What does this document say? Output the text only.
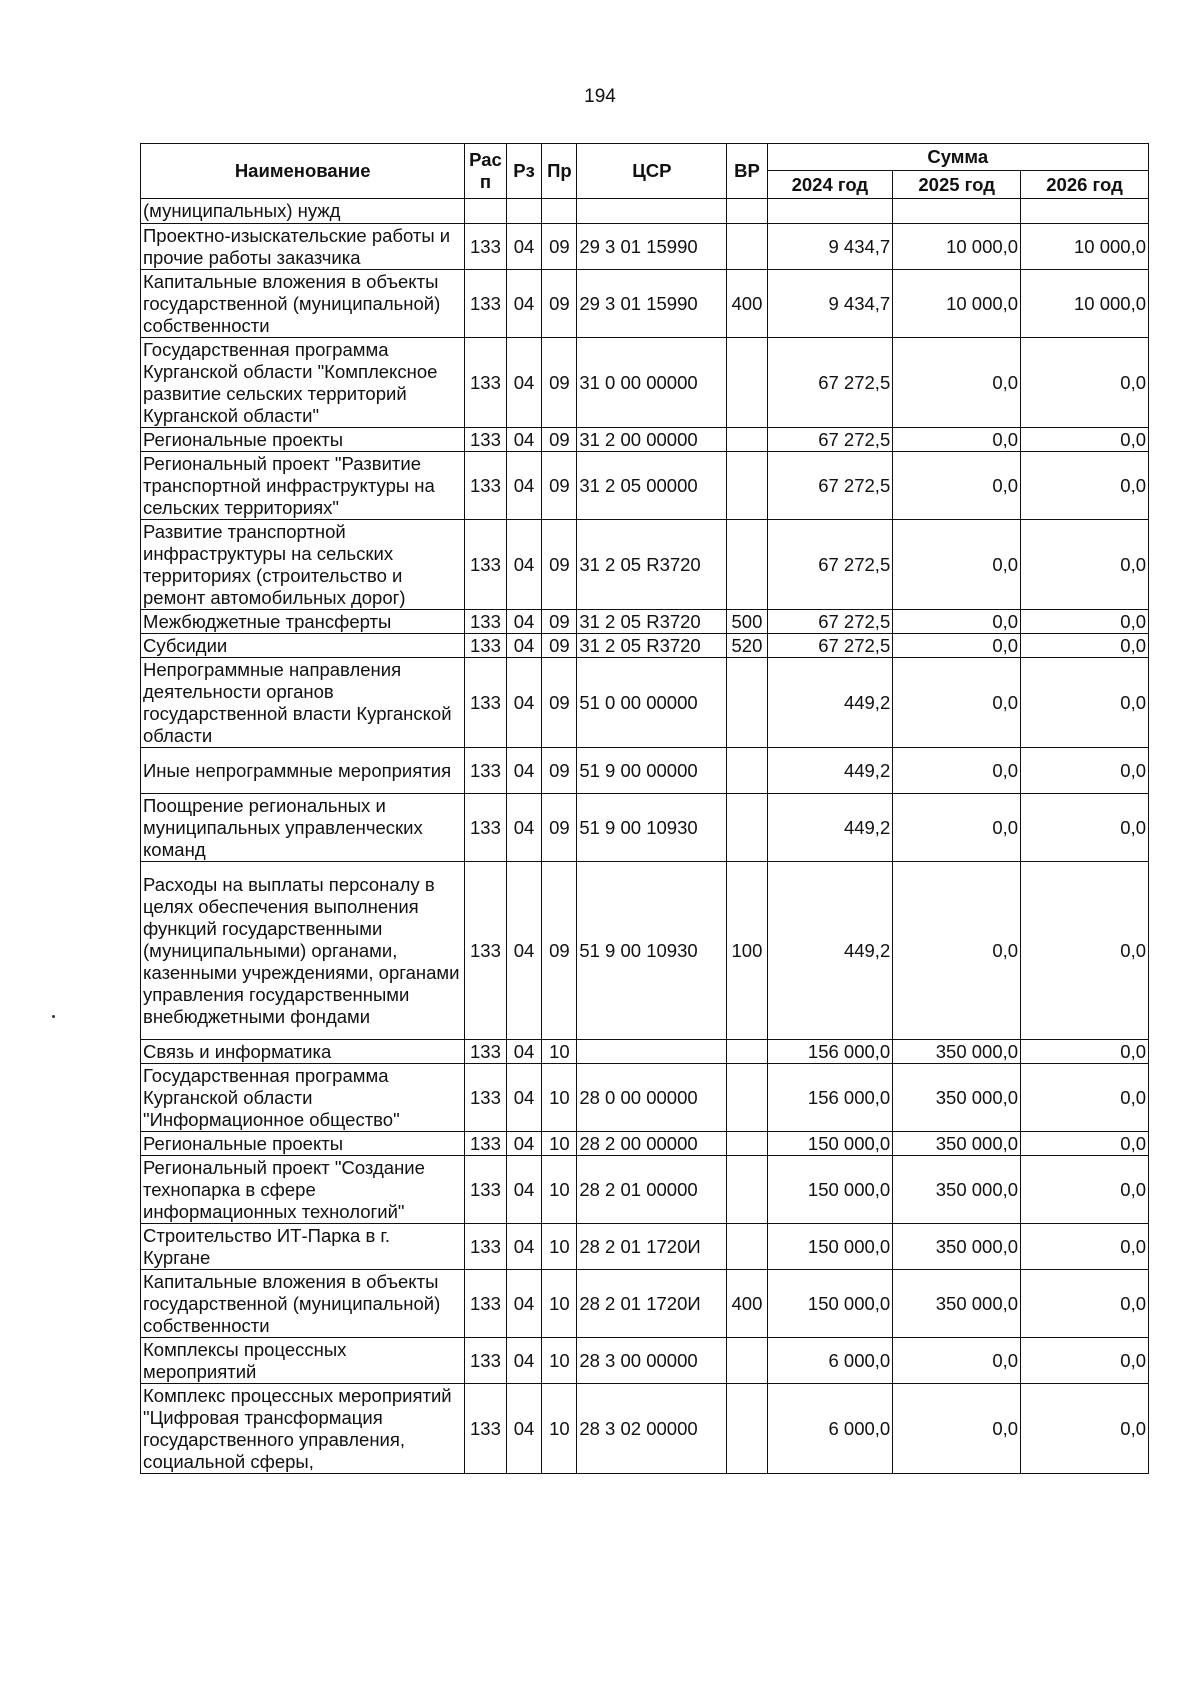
194
Наименование	Рас п	Рз	Пр	ЦСР	ВР	Сумма		
						2024 год	2025 год	2026 год
(муниципальных) нужд								
Проектно-изыскательские работы и прочие работы заказчика	133	04	09	29 3 01 15990		9 434,7	10 000,0	10 000,0
Капитальные вложения в объекты государственной (муниципальной) собственности	133	04	09	29 3 01 15990	400	9 434,7	10 000,0	10 000,0
Государственная программа Курганской области "Комплексное развитие сельских территорий Курганской области"	133	04	09	31 0 00 00000		67 272,5	0,0	0,0
Региональные проекты	133	04	09	31 2 00 00000		67 272,5	0,0	0,0
Региональный проект "Развитие транспортной инфраструктуры на сельских территориях"	133	04	09	31 2 05 00000		67 272,5	0,0	0,0
Развитие транспортной инфраструктуры на сельских территориях (строительство и ремонт автомобильных дорог)	133	04	09	31 2 05 R3720		67 272,5	0,0	0,0
Межбюджетные трансферты	133	04	09	31 2 05 R3720	500	67 272,5	0,0	0,0
Субсидии	133	04	09	31 2 05 R3720	520	67 272,5	0,0	0,0
Непрограммные направления деятельности органов государственной власти Курганской области	133	04	09	51 0 00 00000		449,2	0,0	0,0
Иные непрограммные мероприятия	133	04	09	51 9 00 00000		449,2	0,0	0,0
Поощрение региональных и муниципальных управленческих команд	133	04	09	51 9 00 10930		449,2	0,0	0,0
Расходы на выплаты персоналу в целях обеспечения выполнения функций государственными (муниципальными) органами, казенными учреждениями, органами управления государственными внебюджетными фондами	133	04	09	51 9 00 10930	100	449,2	0,0	0,0
Связь и информатика	133	04	10			156 000,0	350 000,0	0,0
Государственная программа Курганской области "Информационное общество"	133	04	10	28 0 00 00000		156 000,0	350 000,0	0,0
Региональные проекты	133	04	10	28 2 00 00000		150 000,0	350 000,0	0,0
Региональный проект "Создание технопарка в сфере информационных технологий"	133	04	10	28 2 01 00000		150 000,0	350 000,0	0,0
Строительство ИТ-Парка в г. Кургане	133	04	10	28 2 01 1720И		150 000,0	350 000,0	0,0
Капитальные вложения в объекты государственной (муниципальной) собственности	133	04	10	28 2 01 1720И	400	150 000,0	350 000,0	0,0
Комплексы процессных мероприятий	133	04	10	28 3 00 00000		6 000,0	0,0	0,0
Комплекс процессных мероприятий "Цифровая трансформация государственного управления, социальной сферы,	133	04	10	28 3 02 00000		6 000,0	0,0	0,0
